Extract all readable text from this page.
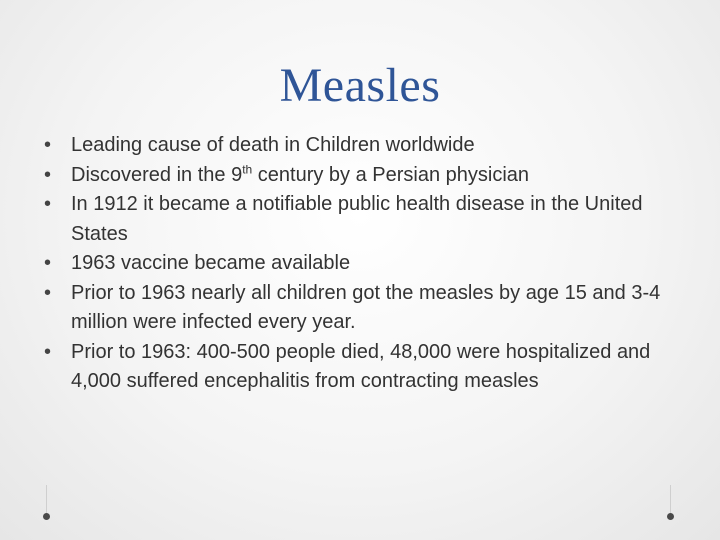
Measles
• Leading cause of death in Children worldwide
• Discovered in the 9th century by a Persian physician
• In 1912 it became a notifiable public health disease in the United States
• 1963 vaccine became available
• Prior to 1963 nearly all children got the measles by age 15 and 3-4 million were infected every year.
• Prior to 1963: 400-500 people died, 48,000 were hospitalized and 4,000 suffered encephalitis from contracting measles
